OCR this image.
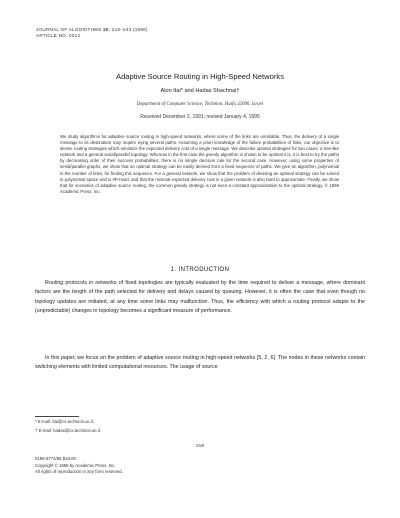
JOURNAL OF ALGORITHMS 20, 218–243 (1996)
ARTICLE NO. 0012
Adaptive Source Routing in High-Speed Networks
Alon Itai* and Hadas Shachnai†
Department of Computer Science, Technion, Haifa 32000, Israel
Received December 2, 1991; revised January 4, 1995

We study algorithms for adaptive source routing in high-speed networks, where some of the links are unreliable. Thus, the delivery of a single message to its destination may require trying several paths. Assuming a priori knowledge of the failure probabilities of links, our objective is to devise routing strategies which minimize the expected delivery cost of a single message. We describe optimal strategies for two cases: a tree-like network and a general serial/parallel topology. Whereas in the first case the greedy algorithm is shown to be optimal it is, it is best to try the paths by decreasing order of their success probabilities; there is no simple decision rule for the second case. However, using some properties of serial/parallel graphs, we show that an optimal strategy can be easily derived from a fixed sequence of paths. We give an algorithm, polynomial in the number of links, for finding this sequence. For a general network, we show that the problem of devising an optimal strategy can be solved in polynomial space and is #P-Hard, and that the minimal expected delivery cost in a given network is also hard to approximate. Finally, we show that for scenarios of adaptive source routing, the common greedy strategy is not even a constant approximation to the optimal strategy. © 1996 Academic Press, Inc.

1. INTRODUCTION

Routing protocols in networks of fixed topologies are typically evaluated by the time required to deliver a message, where dominant factors are the length of the path selected for delivery and delays caused by queuing. However, it is often the case that even though no topology updates are initiated, at any time some links may malfunction. Thus, the efficiency with which a routing protocol adapts to the (unpredictable) changes in topology becomes a significant measure of performance.

In this paper, we focus on the problem of adaptive source routing in high-speed networks [5, 2, 6]. The nodes in these networks contain switching elements with limited computational resources. The usage of source

* E-mail: itai@cs.technion.ac.il.
† E-mail: hadas@cs.technion.ac.il.
218
0196-6774/96 $18.00
Copyright © 1996 by Academic Press, Inc.
All rights of reproduction in any form reserved.
